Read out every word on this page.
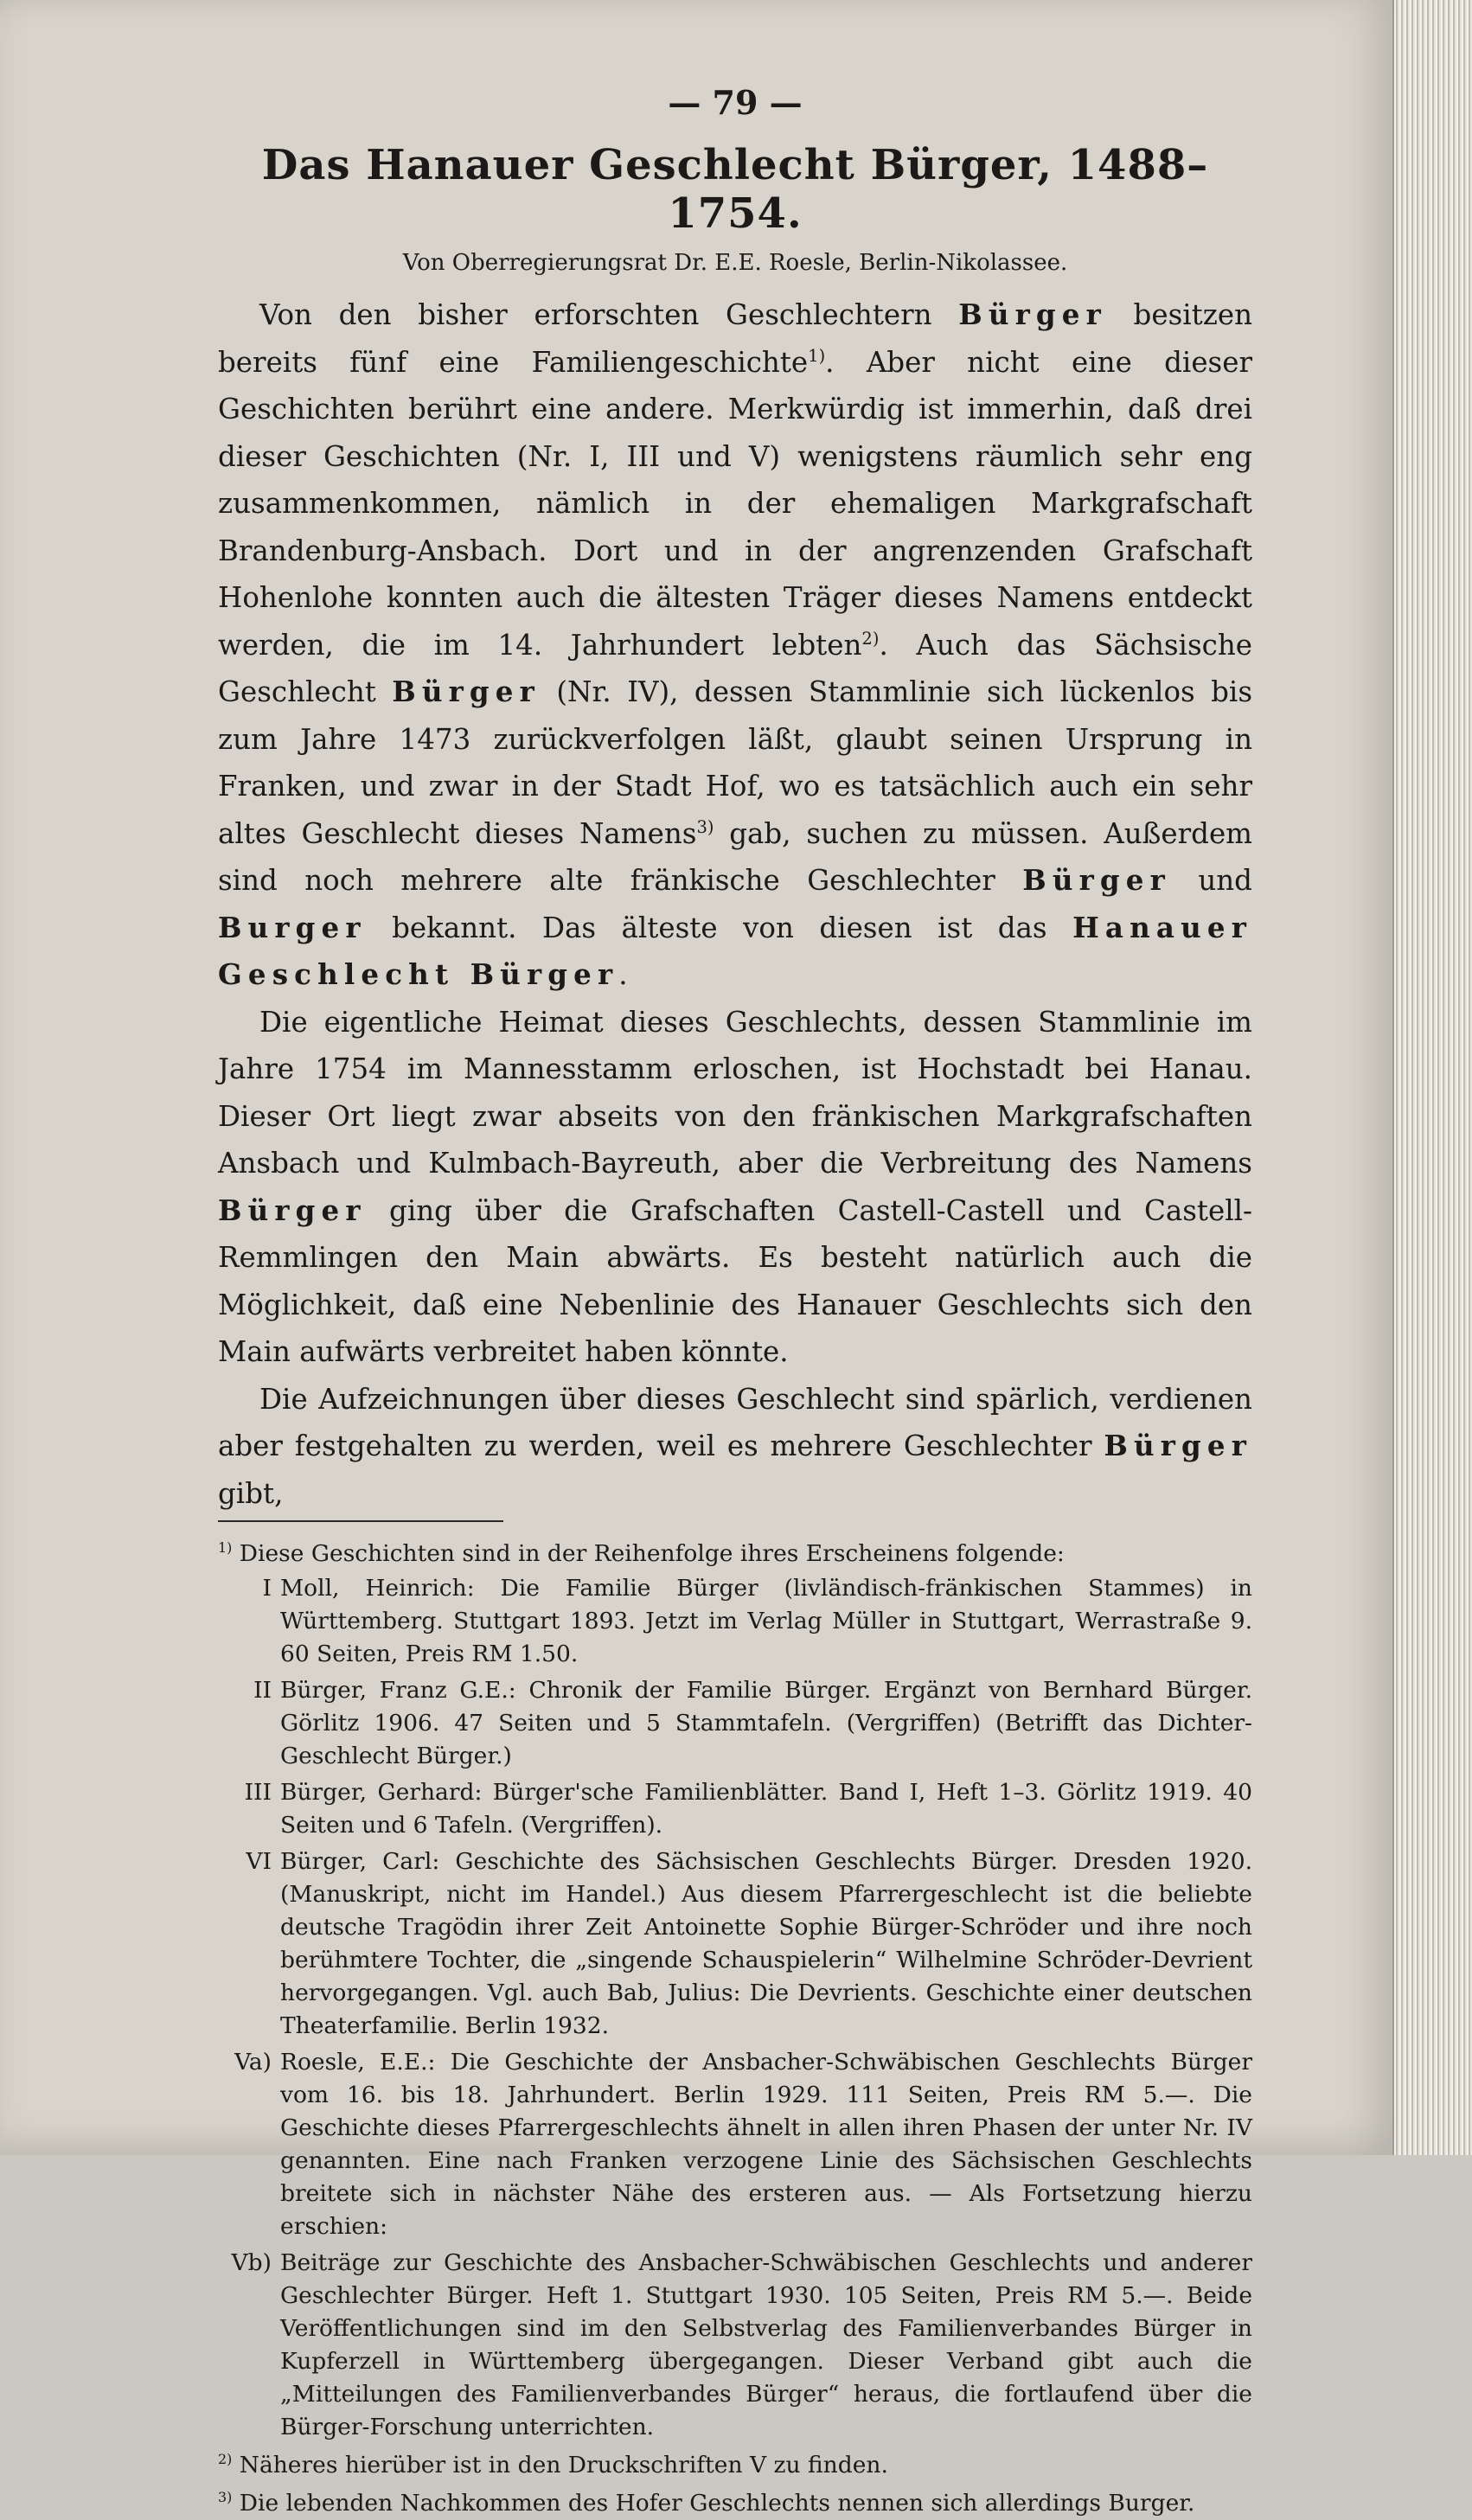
— 79 —
Das Hanauer Geschlecht Bürger, 1488–1754.
Von Oberregierungsrat Dr. E.E. Roesle, Berlin-Nikolassee.

Von den bisher erforschten Geschlechtern Bürger besitzen bereits fünf eine Familiengeschichte$^{1)}$. Aber nicht eine dieser Geschichten berührt eine andere. Merkwürdig ist immerhin, daß drei dieser Geschichten (Nr. I, III und V) wenigstens räumlich sehr eng zusammenkommen, nämlich in der ehemaligen Markgrafschaft Brandenburg-Ansbach. Dort und in der angrenzenden Grafschaft Hohenlohe konnten auch die ältesten Träger dieses Namens entdeckt werden, die im 14. Jahrhundert lebten$^{2)}$. Auch das Sächsische Geschlecht Bürger (Nr. IV), dessen Stammlinie sich lückenlos bis zum Jahre 1473 zurückverfolgen läßt, glaubt seinen Ursprung in Franken, und zwar in der Stadt Hof, wo es tatsächlich auch ein sehr altes Geschlecht dieses Namens$^{3)}$ gab, suchen zu müssen. Außerdem sind noch mehrere alte fränkische Geschlechter Bürger und Burger bekannt. Das älteste von diesen ist das Hanauer Geschlecht Bürger.

Die eigentliche Heimat dieses Geschlechts, dessen Stammlinie im Jahre 1754 im Mannesstamm erloschen, ist Hochstadt bei Hanau. Dieser Ort liegt zwar abseits von den fränkischen Markgrafschaften Ansbach und Kulmbach-Bayreuth, aber die Verbreitung des Namens Bürger ging über die Grafschaften Castell-Castell und Castell-Remmlingen den Main abwärts. Es besteht natürlich auch die Möglichkeit, daß eine Nebenlinie des Hanauer Geschlechts sich den Main aufwärts verbreitet haben könnte.

Die Aufzeichnungen über dieses Geschlecht sind spärlich, verdienen aber festgehalten zu werden, weil es mehrere Geschlechter Bürger gibt,

$^{1)}$ Diese Geschichten sind in der Reihenfolge ihres Erscheinens folgende:
I Moll, Heinrich: Die Familie Bürger (livländisch-fränkischen Stammes) in Württemberg. Stuttgart 1893. Jetzt im Verlag Müller in Stuttgart, Werrastraße 9. 60 Seiten, Preis RM 1.50.
II Bürger, Franz G.E.: Chronik der Familie Bürger. Ergänzt von Bernhard Bürger. Görlitz 1906. 47 Seiten und 5 Stammtafeln. (Vergriffen) (Betrifft das Dichter-Geschlecht Bürger.)
III Bürger, Gerhard: Bürger'sche Familienblätter. Band I, Heft 1–3. Görlitz 1919. 40 Seiten und 6 Tafeln. (Vergriffen).
VI Bürger, Carl: Geschichte des Sächsischen Geschlechts Bürger. Dresden 1920. (Manuskript, nicht im Handel.) Aus diesem Pfarrergeschlecht ist die beliebte deutsche Tragödin ihrer Zeit Antoinette Sophie Bürger-Schröder und ihre noch berühmtere Tochter, die „singende Schauspielerin“ Wilhelmine Schröder-Devrient hervorgegangen. Vgl. auch Bab, Julius: Die Devrients. Geschichte einer deutschen Theaterfamilie. Berlin 1932.
Va) Roesle, E.E.: Die Geschichte der Ansbacher-Schwäbischen Geschlechts Bürger vom 16. bis 18. Jahrhundert. Berlin 1929. 111 Seiten, Preis RM 5.—. Die Geschichte dieses Pfarrergeschlechts ähnelt in allen ihren Phasen der unter Nr. IV genannten. Eine nach Franken verzogene Linie des Sächsischen Geschlechts breitete sich in nächster Nähe des ersteren aus. — Als Fortsetzung hierzu erschien:
Vb) Beiträge zur Geschichte des Ansbacher-Schwäbischen Geschlechts und anderer Geschlechter Bürger. Heft 1. Stuttgart 1930. 105 Seiten, Preis RM 5.—. Beide Veröffentlichungen sind im den Selbstverlag des Familienverbandes Bürger in Kupferzell in Württemberg übergegangen. Dieser Verband gibt auch die „Mitteilungen des Familienverbandes Bürger“ heraus, die fortlaufend über die Bürger-Forschung unterrichten.
$^{2)}$ Näheres hierüber ist in den Druckschriften V zu finden.
$^{3)}$ Die lebenden Nachkommen des Hofer Geschlechts nennen sich allerdings Burger.
